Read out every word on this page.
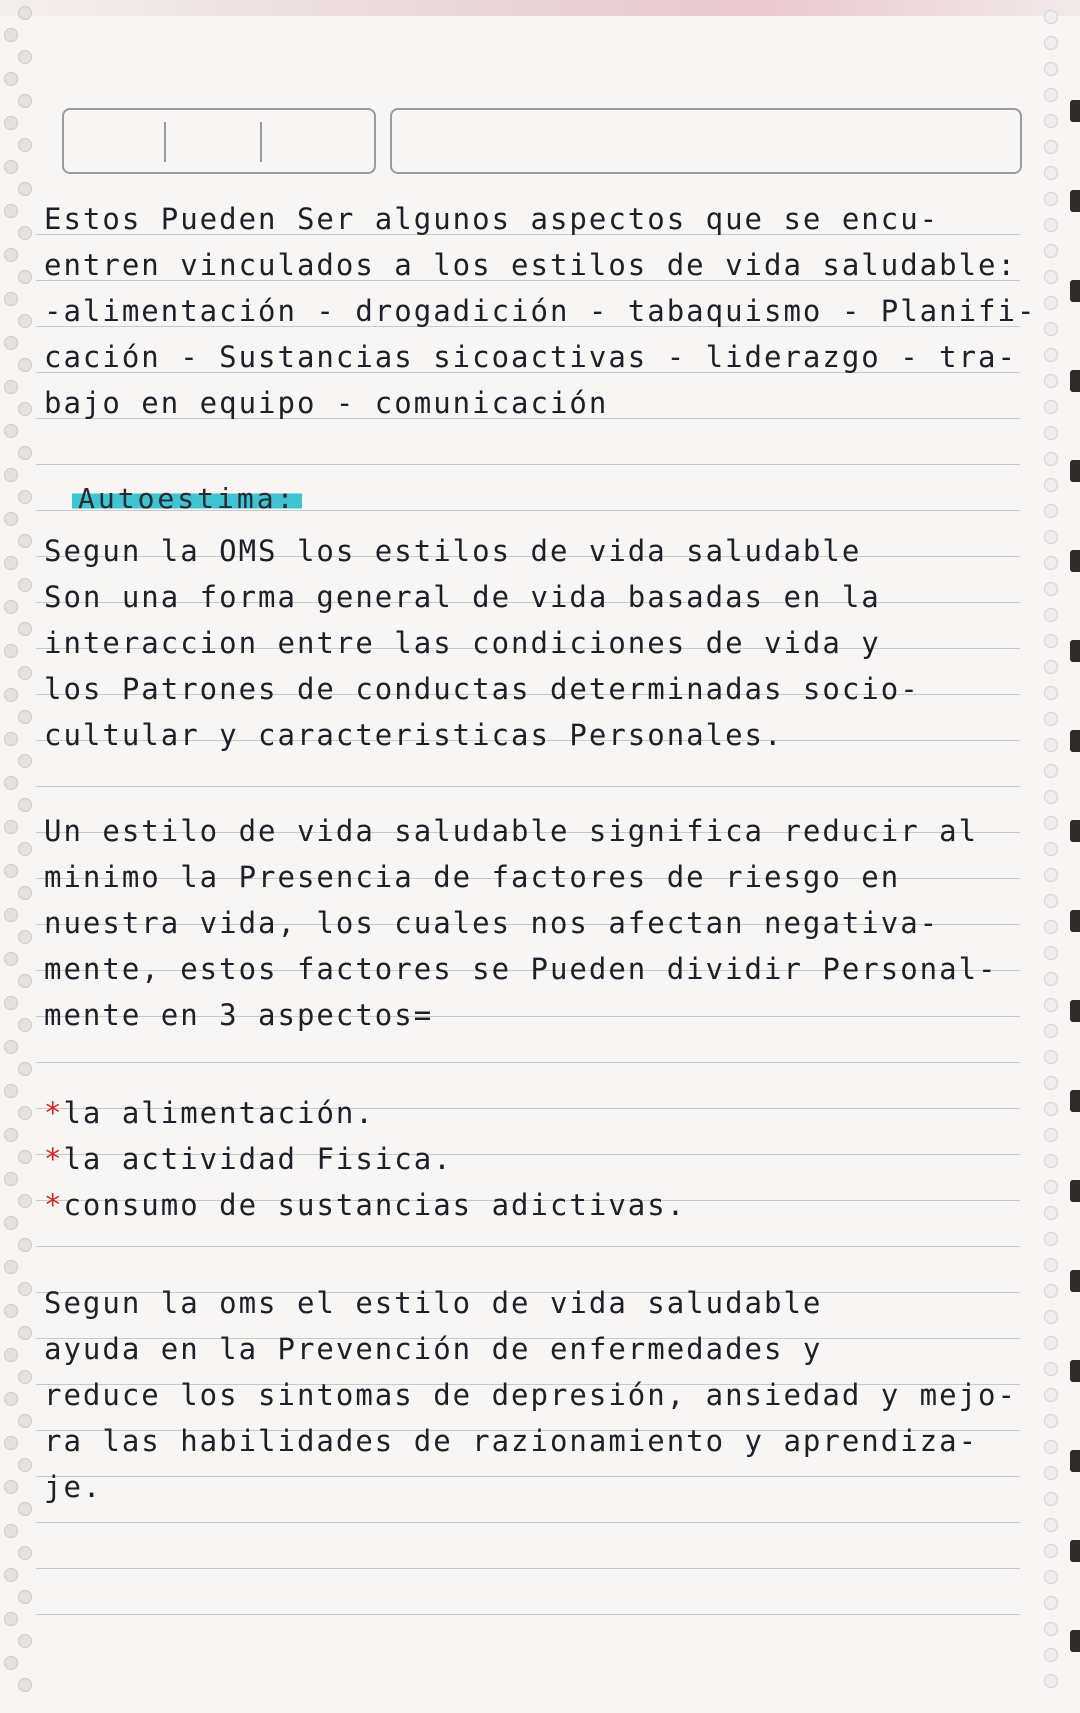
Estos Pueden Ser algunos aspectos que se encu-
entren vinculados a los estilos de vida saludable:
-alimentación - drogadición - tabaquismo - Planifi-
cación - Sustancias sicoactivas - liderazgo - tra-
bajo en equipo - comunicación
Autoestima:
Segun la OMS los estilos de vida saludable
Son una forma general de vida basadas en la
interaccion entre las condiciones de vida y
los Patrones de conductas determinadas socio-
cultular y caracteristicas Personales.
Un estilo de vida saludable significa reducir al
minimo la Presencia de factores de riesgo en
nuestra vida, los cuales nos afectan negativa-
mente, estos factores se Pueden dividir Personal-
mente en 3 aspectos=
*la alimentación.
*la actividad Fisica.
*consumo de sustancias adictivas.
Segun la oms el estilo de vida saludable
ayuda en la Prevención de enfermedades y
reduce los sintomas de depresión, ansiedad y mejo-
ra las habilidades de razionamiento y aprendiza-
je.
